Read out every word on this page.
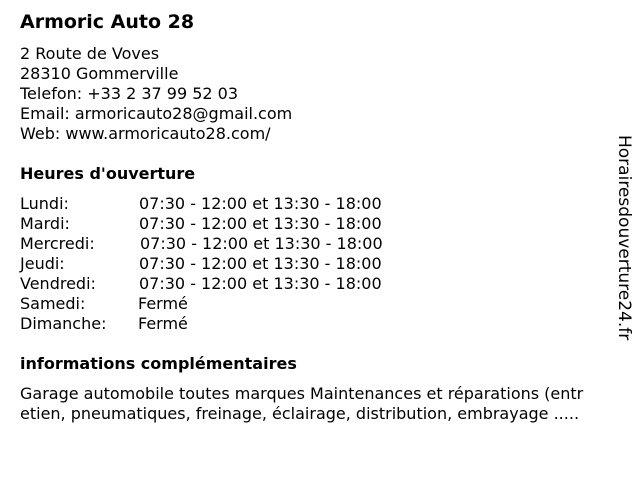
Armoric Auto 28
2 Route de Voves
28310 Gommerville
Telefon: +33 2 37 99 52 03
Email: armoricauto28@gmail.com
Web: www.armoricauto28.com/
Heures d'ouverture
Lundi:	07:30 - 12:00 et 13:30 - 18:00
Mardi:	07:30 - 12:00 et 13:30 - 18:00
Mercredi:	07:30 - 12:00 et 13:30 - 18:00
Jeudi:	07:30 - 12:00 et 13:30 - 18:00
Vendredi:	07:30 - 12:00 et 13:30 - 18:00
Samedi:	Fermé
Dimanche: Fermé
informations complémentaires
Garage automobile toutes marques Maintenances et réparations (entr
etien, pneumatiques, freinage, éclairage, distribution, embrayage .....
Horairesdouverture24.fr
